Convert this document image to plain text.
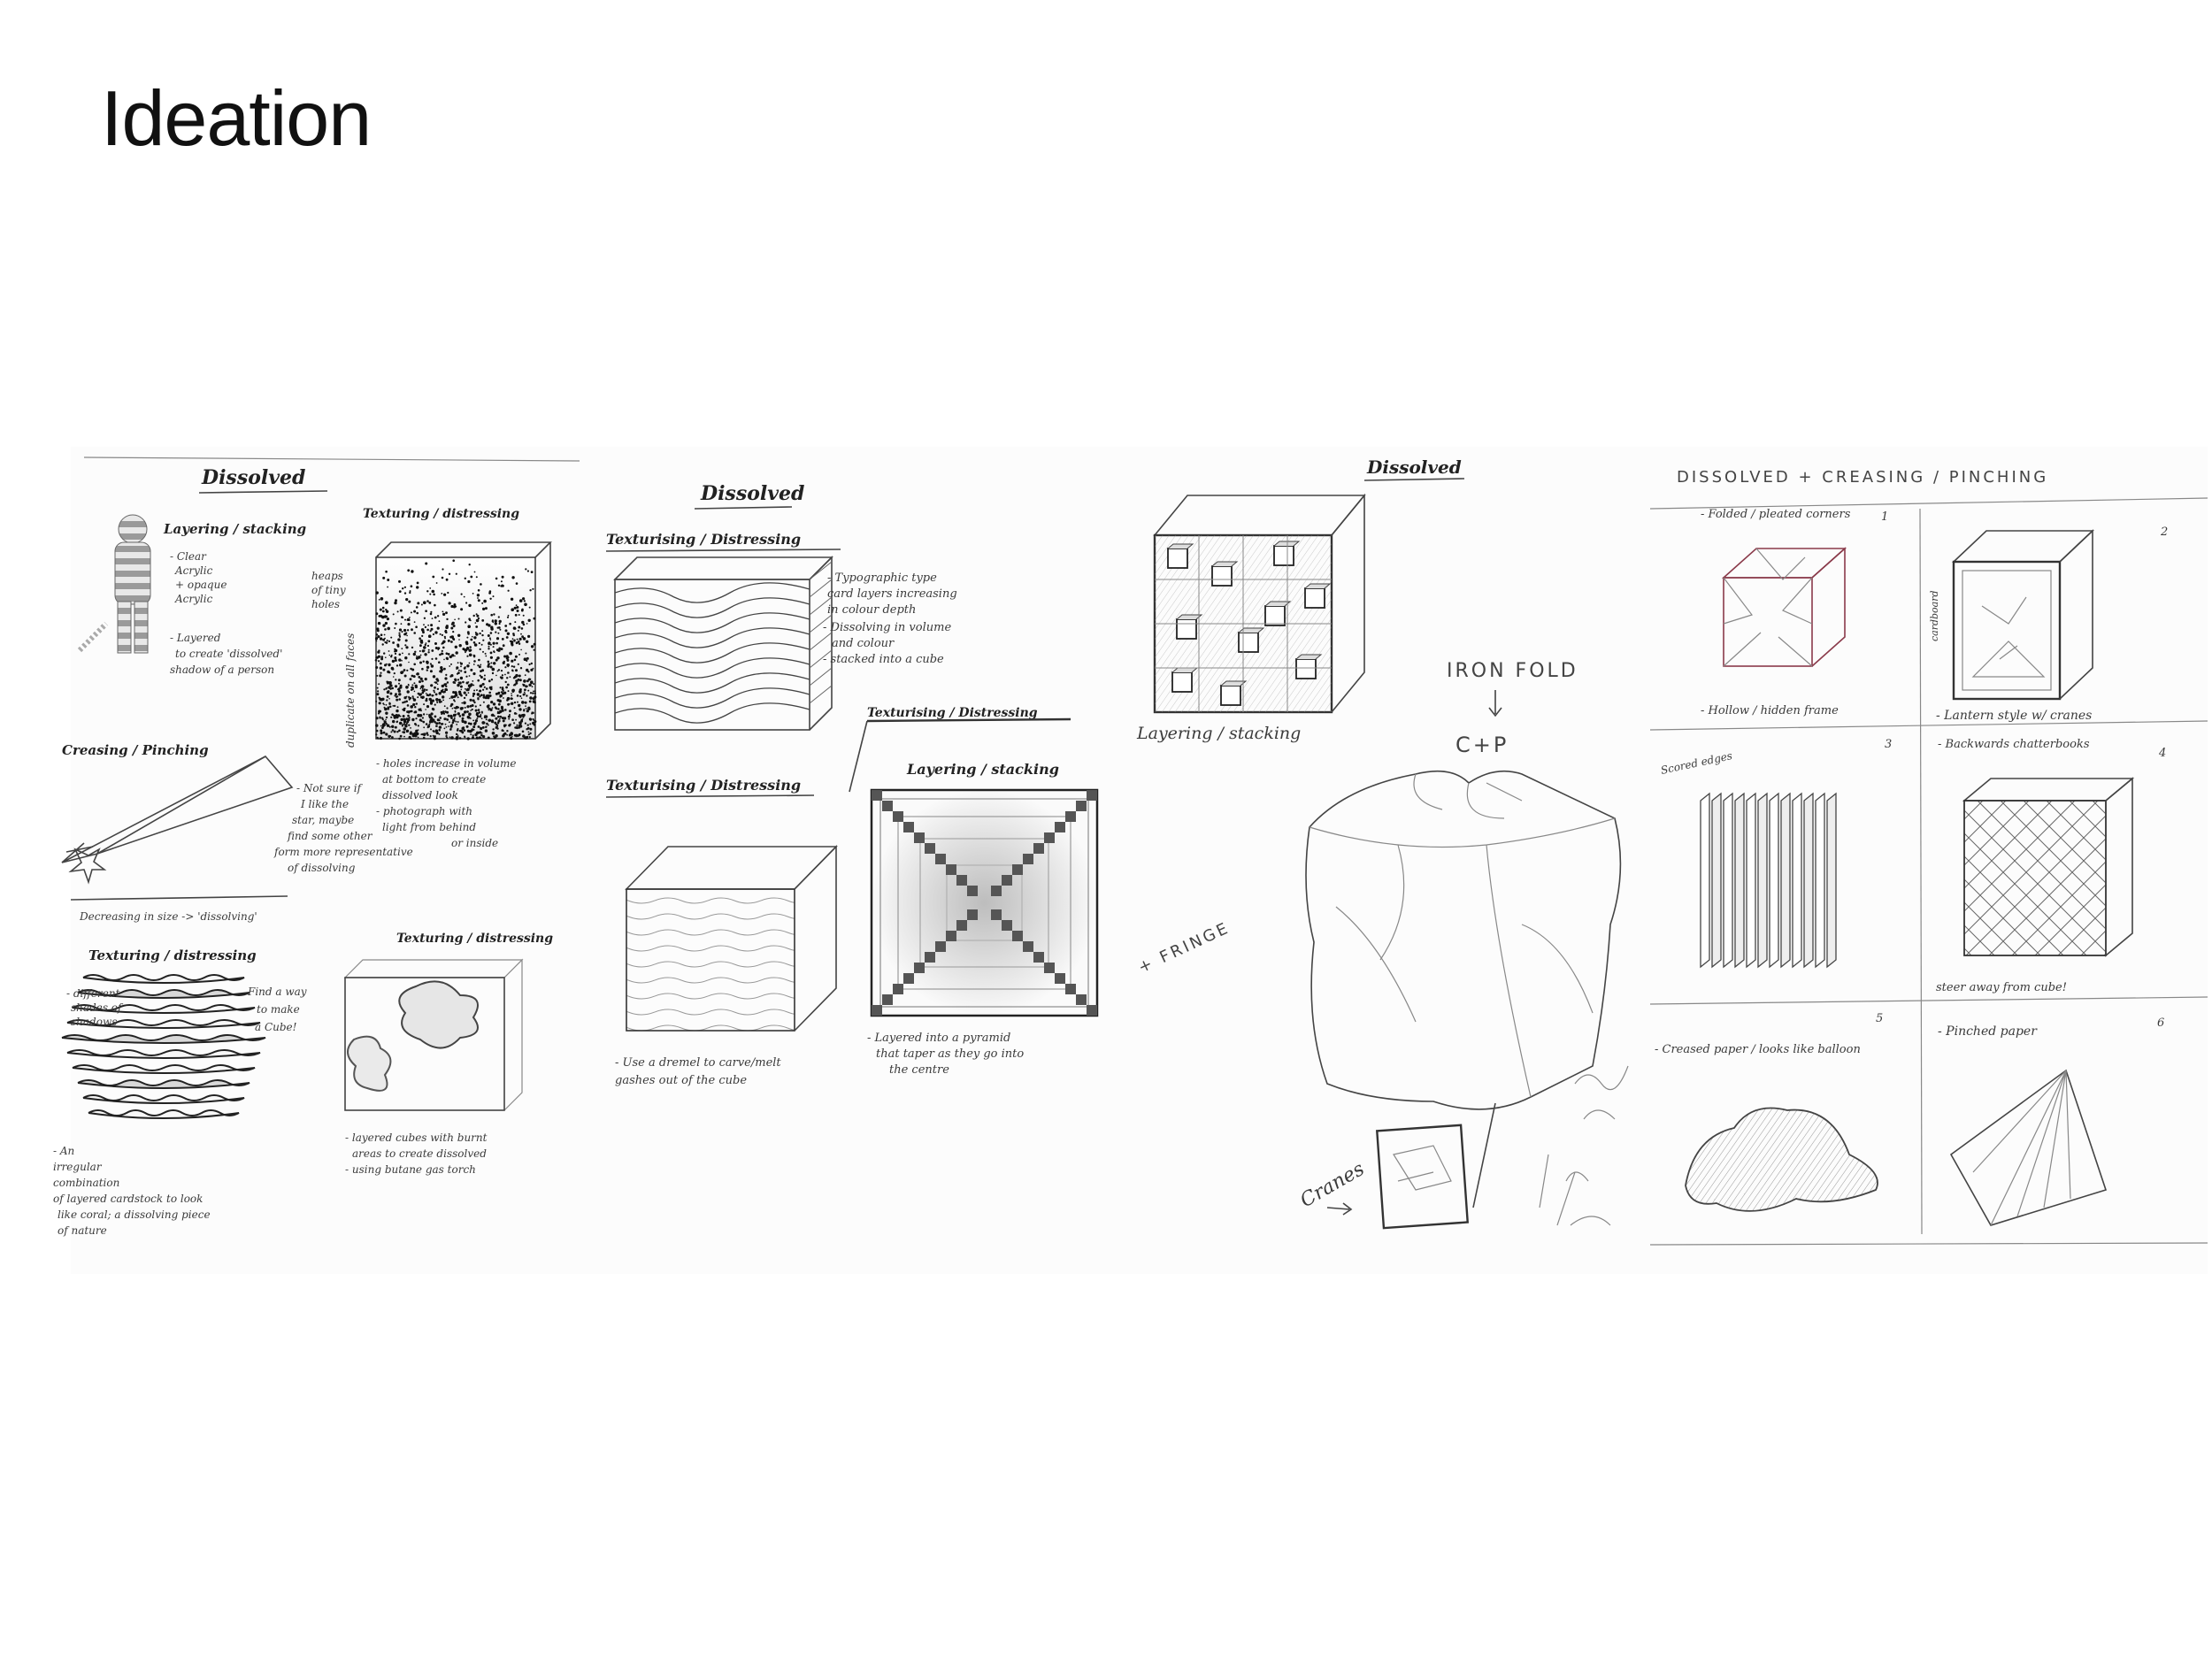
Ideation
Dissolved
Layering / stacking
- Clear
Acrylic
+ opaque
Acrylic
- Layered
to create 'dissolved'
shadow of a person
Texturing / distressing
heaps
of tiny
holes
duplicate on all faces
- holes increase in volume
at bottom to create
dissolved look
- photograph with
light from behind
or inside
Creasing / Pinching
- Not sure if
I like the
star, maybe
find some other
form more representative
of dissolving
Decreasing in size -> 'dissolving'
Texturing / distressing
- different
shades of
shadows
Find a way
to make
a Cube!
- An
irregular
combination
of layered cardstock to look
like coral; a dissolving piece
of nature
Texturing / distressing
- layered cubes with burnt
areas to create dissolved
- using butane gas torch
Dissolved
Texturising / Distressing
- Typographic type
card layers increasing
in colour depth
- Dissolving in volume
and colour
- stacked into a cube
Texturising / Distressing
- Use a dremel to carve/melt
gashes out of the cube
Texturising / Distressing
Layering / stacking
- Layered into a pyramid
that taper as they go into
the centre
Dissolved
Layering / stacking
IRON FOLD
C+P
+ FRINGE
Cranes
DISSOLVED + CREASING / PINCHING
- Folded / pleated corners	1
- Hollow / hidden frame
2
cardboard
- Lantern style w/ cranes
3
Scored edges
- Backwards chatterbooks
4
steer away from cube!
5
- Creased paper / looks like balloon
- Pinched paper
6
